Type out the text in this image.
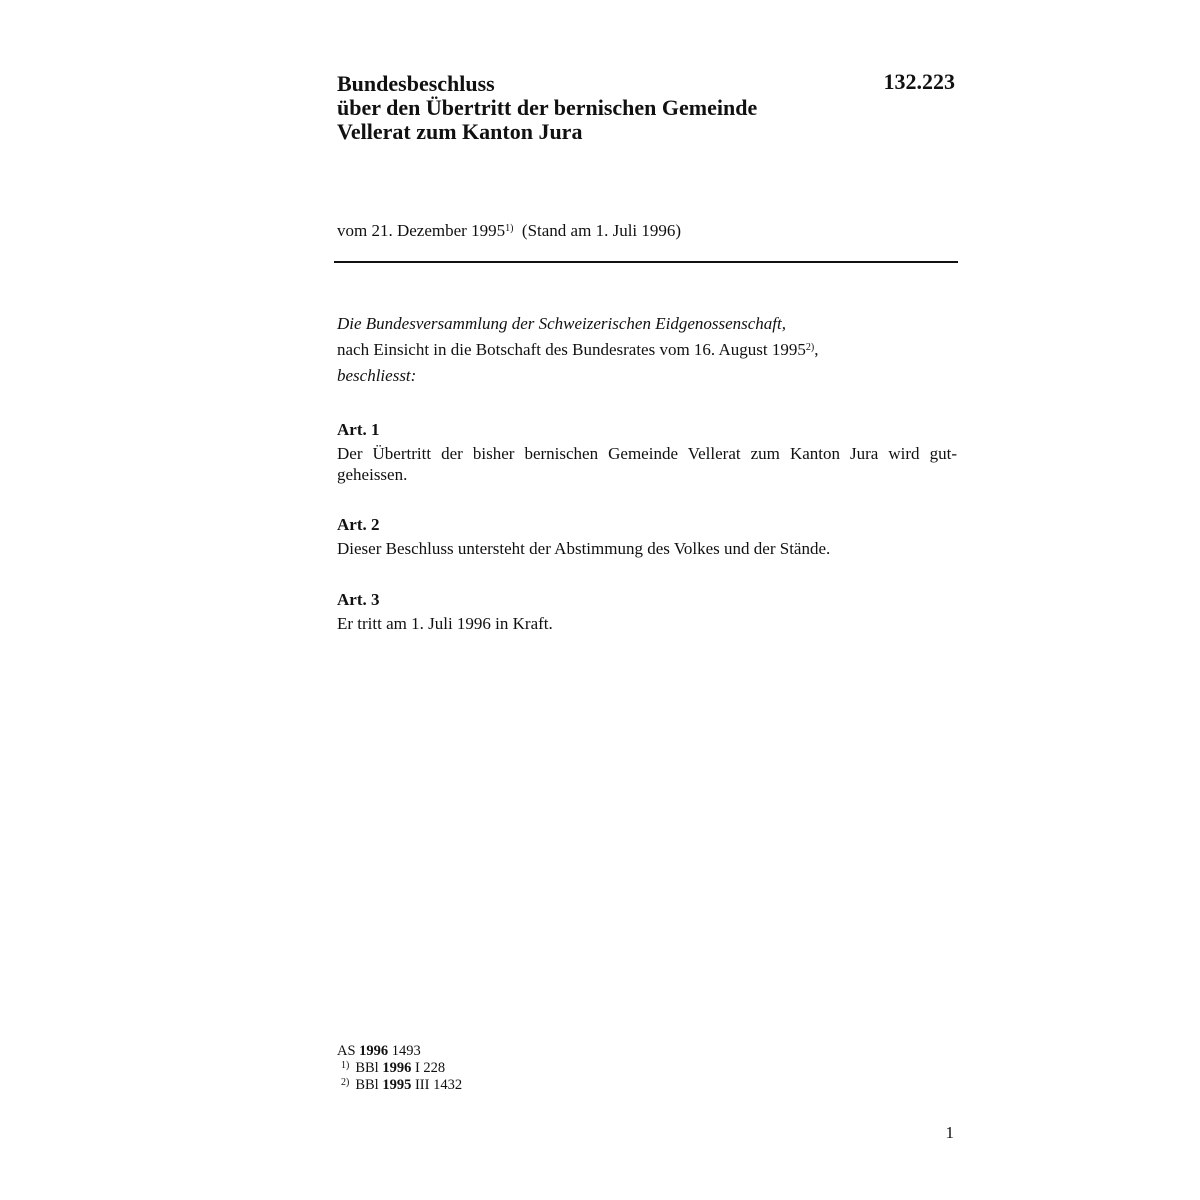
Bundesbeschluss
über den Übertritt der bernischen Gemeinde
Vellerat zum Kanton Jura
132.223
vom 21. Dezember 1995$^{1)}$ (Stand am 1. Juli 1996)
Die Bundesversammlung der Schweizerischen Eidgenossenschaft,
nach Einsicht in die Botschaft des Bundesrates vom 16. August 1995$^{2)}$,
beschliesst:
Art. 1
Der Übertritt der bisher bernischen Gemeinde Vellerat zum Kanton Jura wird gut-geheissen.
Art. 2
Dieser Beschluss untersteht der Abstimmung des Volkes und der Stände.
Art. 3
Er tritt am 1. Juli 1996 in Kraft.
AS 1996 1493
$^{1)}$ BBl 1996 I 228
$^{2)}$ BBl 1995 III 1432
1
